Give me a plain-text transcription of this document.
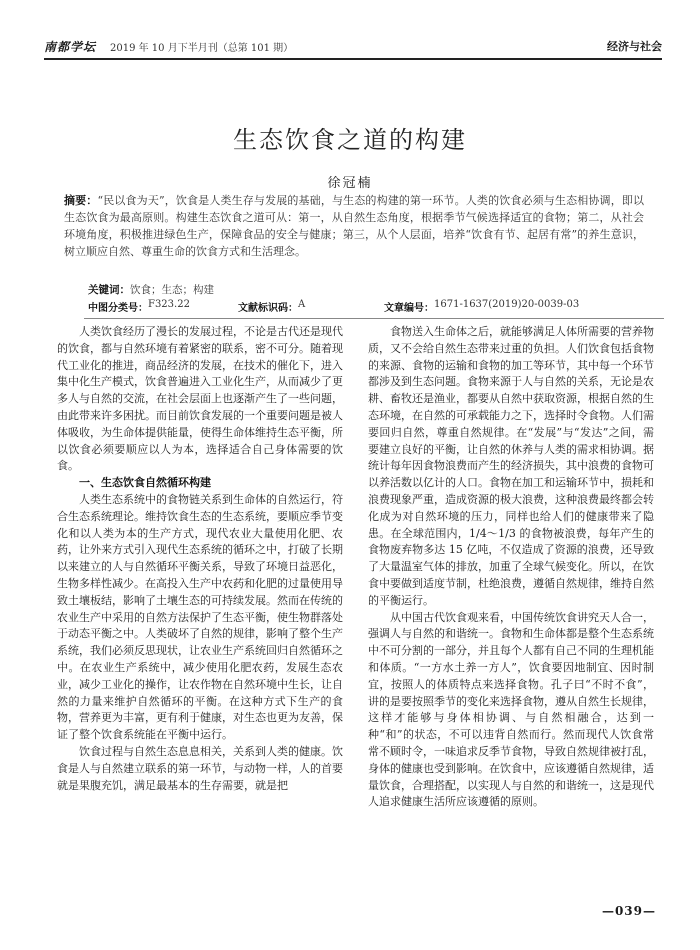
南都学坛 2019 年 10 月下半月刊（总第 101 期）	经济与社会
生态饮食之道的构建
徐冠楠
摘要：“民以食为天”，饮食是人类生存与发展的基础，与生态的构建的第一环节。人类的饮食必须与生态相协调，即以生态饮食为最高原则。构建生态饮食之道可从：第一，从自然生态角度，根据季节气候选择适宜的食物；第二，从社会环境角度，积极推进绿色生产，保障食品的安全与健康；第三，从个人层面，培养“饮食有节、起居有常”的养生意识，树立顺应自然、尊重生命的饮食方式和生活理念。
关键词：饮食；生态；构建
中图分类号： F323.22	文献标识码： A	文章编号： 1671-1637(2019)20-0039-03

人类饮食经历了漫长的发展过程，不论是古代还是现代的饮食，都与自然环境有着紧密的联系，密不可分。随着现代工业化的推进，商品经济的发展，在技术的催化下，进入集中化生产模式，饮食普遍进入工业化生产，从而减少了更多人与自然的交流，在社会层面上也逐渐产生了一些问题，由此带来许多困扰。而目前饮食发展的一个重要问题是被人体吸收，为生命体提供能量，使得生命体维持生态平衡，所以饮食必须要顺应以人为本，选择适合自己身体需要的饮食。

一、生态饮食自然循环构建

人类生态系统中的食物链关系到生命体的自然运行，符合生态系统理论。维持饮食生态的生态系统，要顺应季节变化和以人类为本的生产方式，现代农业大量使用化肥、农药，让外来方式引入现代生态系统的循环之中，打破了长期以来建立的人与自然循环平衡关系，导致了环境日益恶化，生物多样性减少。在高投入生产中农药和化肥的过量使用导致土壤板结，影响了土壤生态的可持续发展。然而在传统的农业生产中采用的自然方法保护了生态平衡，使生物群落处于动态平衡之中。人类破坏了自然的规律，影响了整个生产系统，我们必须反思现状，让农业生产系统回归自然循环之中。在农业生产系统中，减少使用化肥农药，发展生态农业，减少工业化的操作，让农作物在自然环境中生长，让自然的力量来维护自然循环的平衡。在这种方式下生产的食物，营养更为丰富，更有利于健康，对生态也更为友善，保证了整个饮食系统能在平衡中运行。

饮食过程与自然生态息息相关，关系到人类的健康。饮食是人与自然建立联系的第一环节，与动物一样，人的首要就是果腹充饥，满足最基本的生存需要，就是把

食物送入生命体之后，就能够满足人体所需要的营养物质，又不会给自然生态带来过重的负担。人们饮食包括食物的来源、食物的运输和食物的加工等环节，其中每一个环节都涉及到生态问题。食物来源于人与自然的关系，无论是农耕、畜牧还是渔业，都要从自然中获取资源，根据自然的生态环境，在自然的可承载能力之下，选择时令食物。人们需要回归自然，尊重自然规律。在“发展”与“发达”之间，需要建立良好的平衡，让自然的休养与人类的需求相协调。据统计每年因食物浪费而产生的经济损失，其中浪费的食物可以养活数以亿计的人口。食物在加工和运输环节中，损耗和浪费现象严重，造成资源的极大浪费，这种浪费最终都会转化成为对自然环境的压力，同样也给人们的健康带来了隐患。在全球范围内，1/4～1/3 的食物被浪费，每年产生的食物废弃物多达 15 亿吨，不仅造成了资源的浪费，还导致了大量温室气体的排放，加重了全球气候变化。所以，在饮食中要做到适度节制，杜绝浪费，遵循自然规律，维持自然的平衡运行。

从中国古代饮食观来看，中国传统饮食讲究天人合一，强调人与自然的和谐统一。食物和生命体都是整个生态系统中不可分割的一部分，并且每个人都有自己不同的生理机能和体质。“一方水土养一方人”，饮食要因地制宜、因时制宜，按照人的体质特点来选择食物。孔子曰“不时不食”，讲的是要按照季节的变化来选择食物，遵从自然生长规律，这样才能够与身体相协调、与自然相融合，达到一种“和”的状态，不可以违背自然而行。然而现代人饮食常常不顾时令，一味追求反季节食物，导致自然规律被打乱，身体的健康也受到影响。在饮食中，应该遵循自然规律，适量饮食，合理搭配，以实现人与自然的和谐统一，这是现代人追求健康生活所应该遵循的原则。

—039—
